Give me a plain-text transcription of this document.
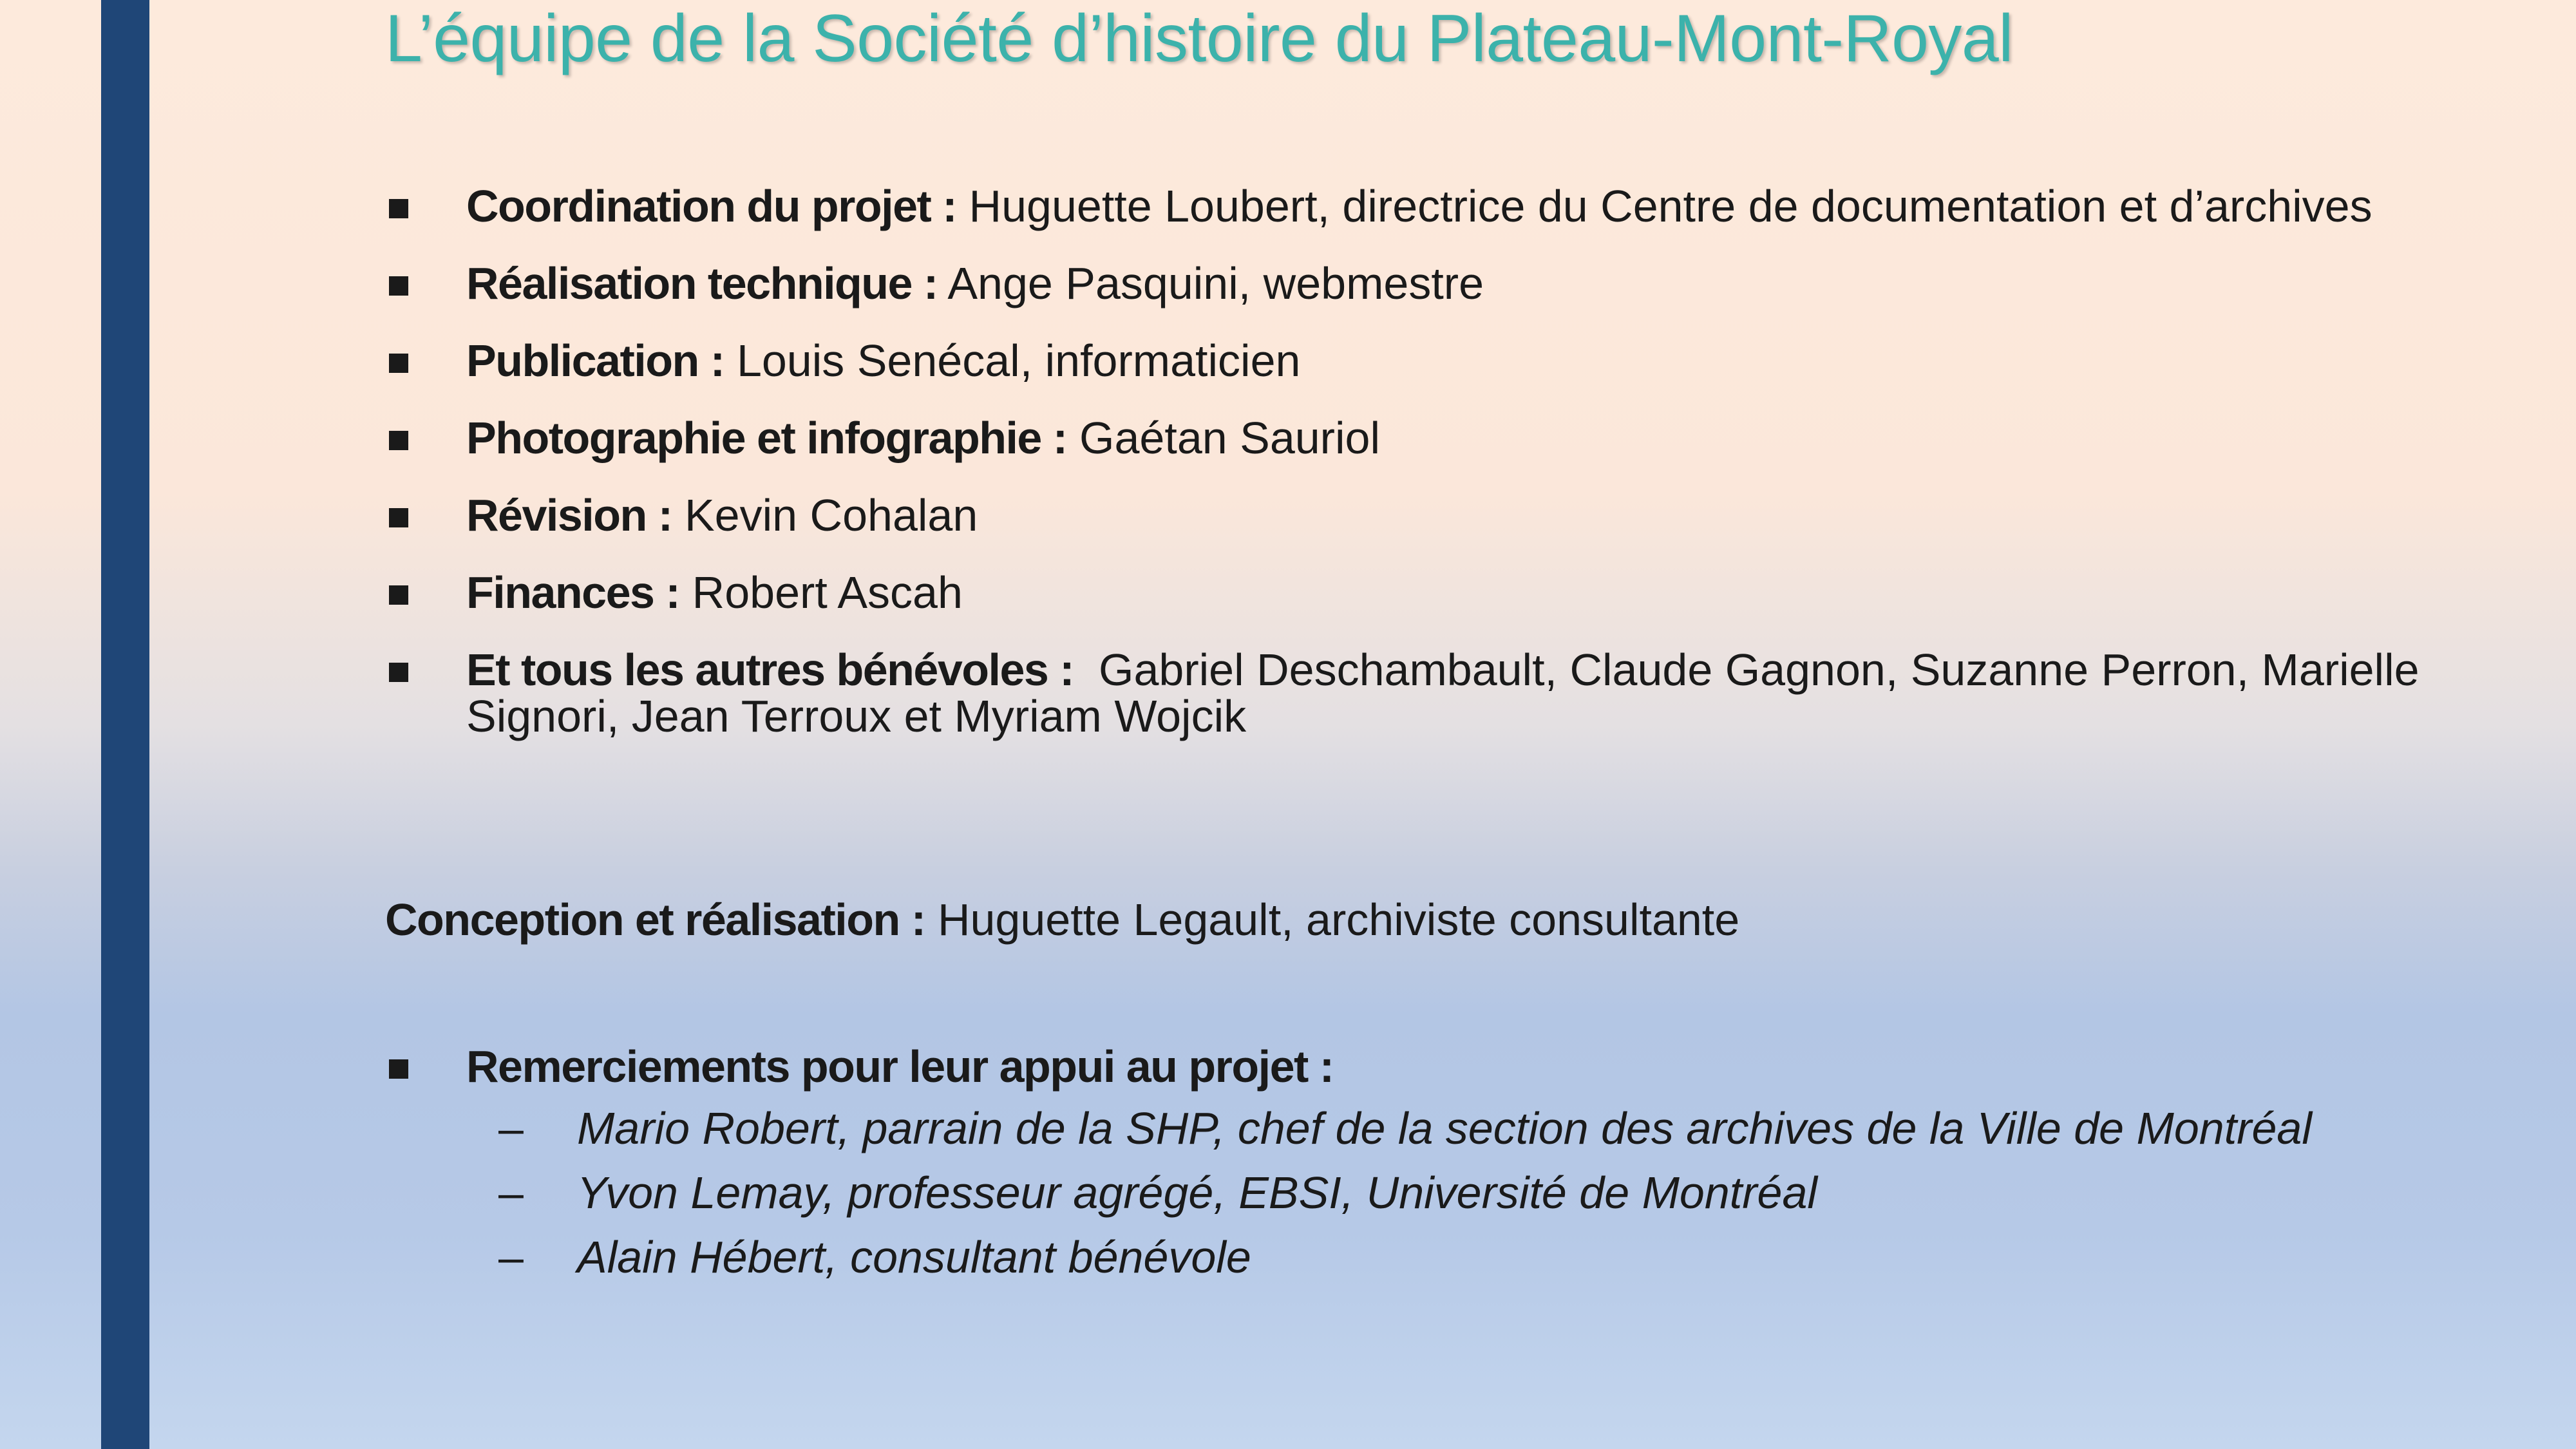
L’équipe de la Société d’histoire du Plateau-Mont-Royal
Coordination du projet : Huguette Loubert, directrice du Centre de documentation et d’archives
Réalisation technique : Ange Pasquini, webmestre
Publication : Louis Senécal, informaticien
Photographie et infographie : Gaétan Sauriol
Révision : Kevin Cohalan
Finances : Robert Ascah
Et tous les autres bénévoles :  Gabriel Deschambault, Claude Gagnon, Suzanne Perron, Marielle Signori, Jean Terroux et Myriam Wojcik

Conception et réalisation : Huguette Legault, archiviste consultante

Remerciements pour leur appui au projet :
– Mario Robert, parrain de la SHP, chef de la section des archives de la Ville de Montréal
– Yvon Lemay, professeur agrégé, EBSI, Université de Montréal
– Alain Hébert, consultant bénévole
